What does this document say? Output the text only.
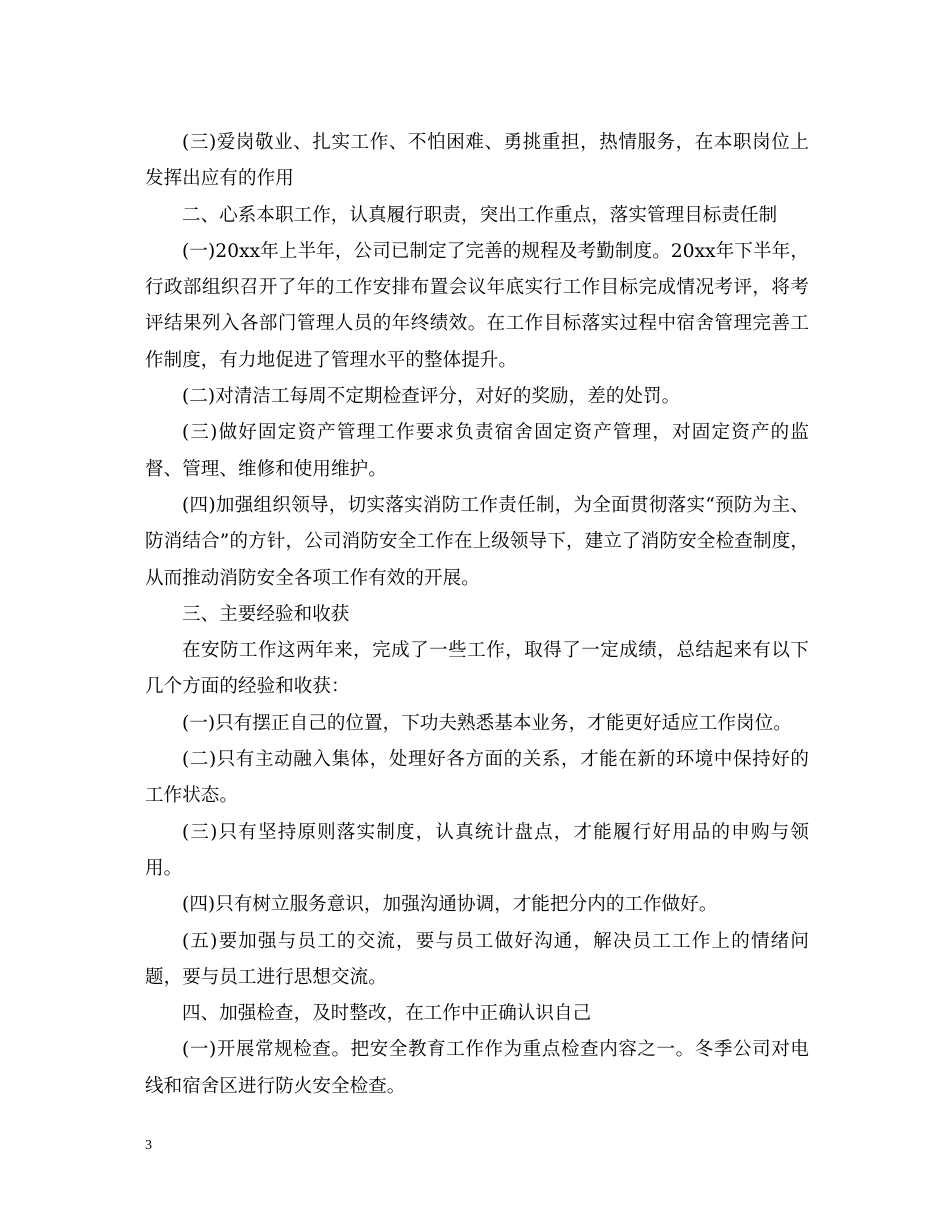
(三)爱岗敬业、扎实工作、不怕困难、勇挑重担，热情服务，在本职岗位上发挥出应有的作用

二、心系本职工作，认真履行职责，突出工作重点，落实管理目标责任制

(一)20xx年上半年，公司已制定了完善的规程及考勤制度。20xx年下半年，行政部组织召开了年的工作安排布置会议年底实行工作目标完成情况考评，将考评结果列入各部门管理人员的年终绩效。在工作目标落实过程中宿舍管理完善工作制度，有力地促进了管理水平的整体提升。

(二)对清洁工每周不定期检查评分，对好的奖励，差的处罚。

(三)做好固定资产管理工作要求负责宿舍固定资产管理，对固定资产的监督、管理、维修和使用维护。

(四)加强组织领导，切实落实消防工作责任制，为全面贯彻落实“预防为主、防消结合”的方针，公司消防安全工作在上级领导下，建立了消防安全检查制度，从而推动消防安全各项工作有效的开展。

三、主要经验和收获

在安防工作这两年来，完成了一些工作，取得了一定成绩，总结起来有以下几个方面的经验和收获：

(一)只有摆正自己的位置，下功夫熟悉基本业务，才能更好适应工作岗位。

(二)只有主动融入集体，处理好各方面的关系，才能在新的环境中保持好的工作状态。

(三)只有坚持原则落实制度，认真统计盘点，才能履行好用品的申购与领用。

(四)只有树立服务意识，加强沟通协调，才能把分内的工作做好。

(五)要加强与员工的交流，要与员工做好沟通，解决员工工作上的情绪问题，要与员工进行思想交流。

四、加强检查，及时整改，在工作中正确认识自己

(一)开展常规检查。把安全教育工作作为重点检查内容之一。冬季公司对电线和宿舍区进行防火安全检查。

3
